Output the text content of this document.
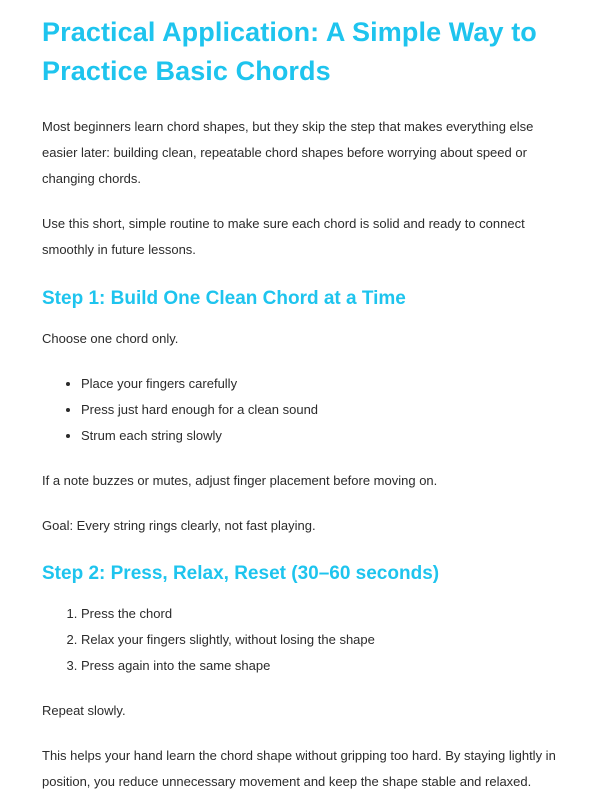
Practical Application: A Simple Way to Practice Basic Chords

Most beginners learn chord shapes, but they skip the step that makes everything else easier later: building clean, repeatable chord shapes before worrying about speed or changing chords.

Use this short, simple routine to make sure each chord is solid and ready to connect smoothly in future lessons.

Step 1: Build One Clean Chord at a Time

Choose one chord only.

• Place your fingers carefully
• Press just hard enough for a clean sound
• Strum each string slowly

If a note buzzes or mutes, adjust finger placement before moving on.

Goal: Every string rings clearly, not fast playing.

Step 2: Press, Relax, Reset (30–60 seconds)
1. Press the chord
2. Relax your fingers slightly, without losing the shape
3. Press again into the same shape

Repeat slowly.

This helps your hand learn the chord shape without gripping too hard. By staying lightly in position, you reduce unnecessary movement and keep the shape stable and relaxed.
